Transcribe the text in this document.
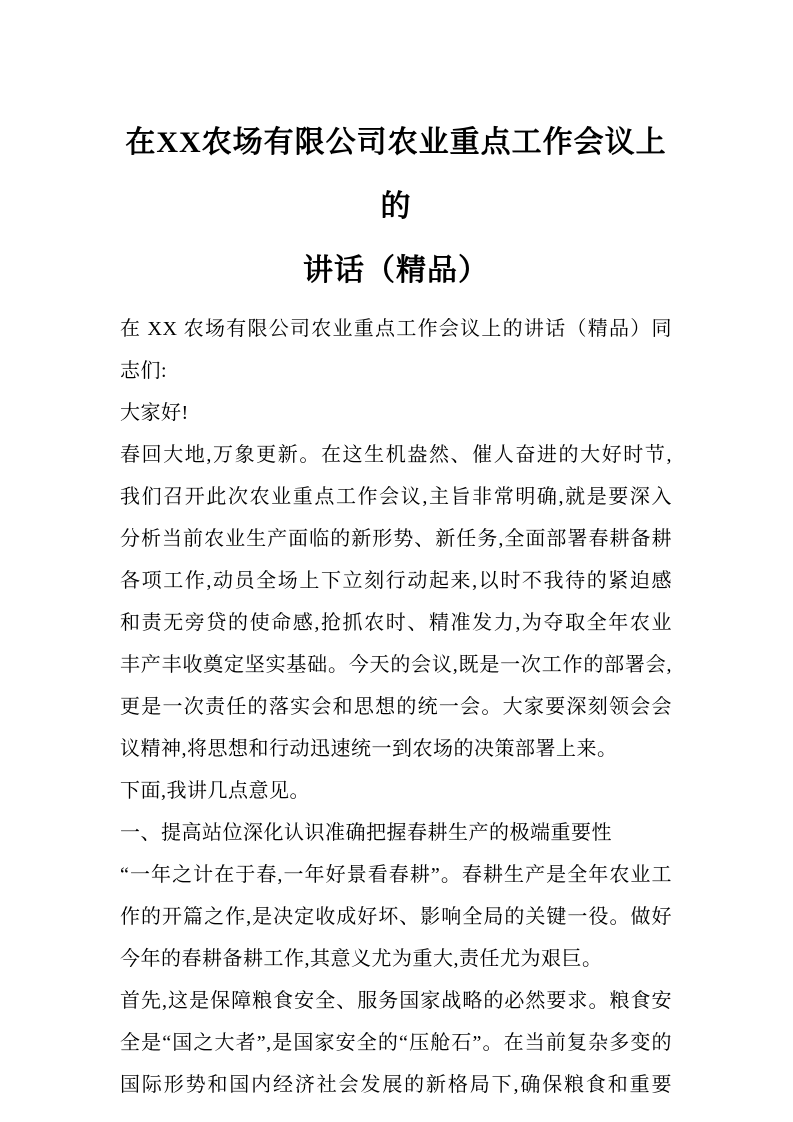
在XX农场有限公司农业重点工作会议上的
讲话（精品）
在 XX 农场有限公司农业重点工作会议上的讲话（精品）同
志们:
大家好!
春回大地,万象更新。在这生机盎然、催人奋进的大好时节,
我们召开此次农业重点工作会议,主旨非常明确,就是要深入
分析当前农业生产面临的新形势、新任务,全面部署春耕备耕
各项工作,动员全场上下立刻行动起来,以时不我待的紧迫感
和责无旁贷的使命感,抢抓农时、精准发力,为夺取全年农业
丰产丰收奠定坚实基础。今天的会议,既是一次工作的部署会,
更是一次责任的落实会和思想的统一会。大家要深刻领会会
议精神,将思想和行动迅速统一到农场的决策部署上来。
下面,我讲几点意见。
一、提高站位深化认识准确把握春耕生产的极端重要性
“一年之计在于春,一年好景看春耕”。春耕生产是全年农业工
作的开篇之作,是决定收成好坏、影响全局的关键一役。做好
今年的春耕备耕工作,其意义尤为重大,责任尤为艰巨。
首先,这是保障粮食安全、服务国家战略的必然要求。粮食安
全是“国之大者”,是国家安全的“压舱石”。在当前复杂多变的
国际形势和国内经济社会发展的新格局下,确保粮食和重要
